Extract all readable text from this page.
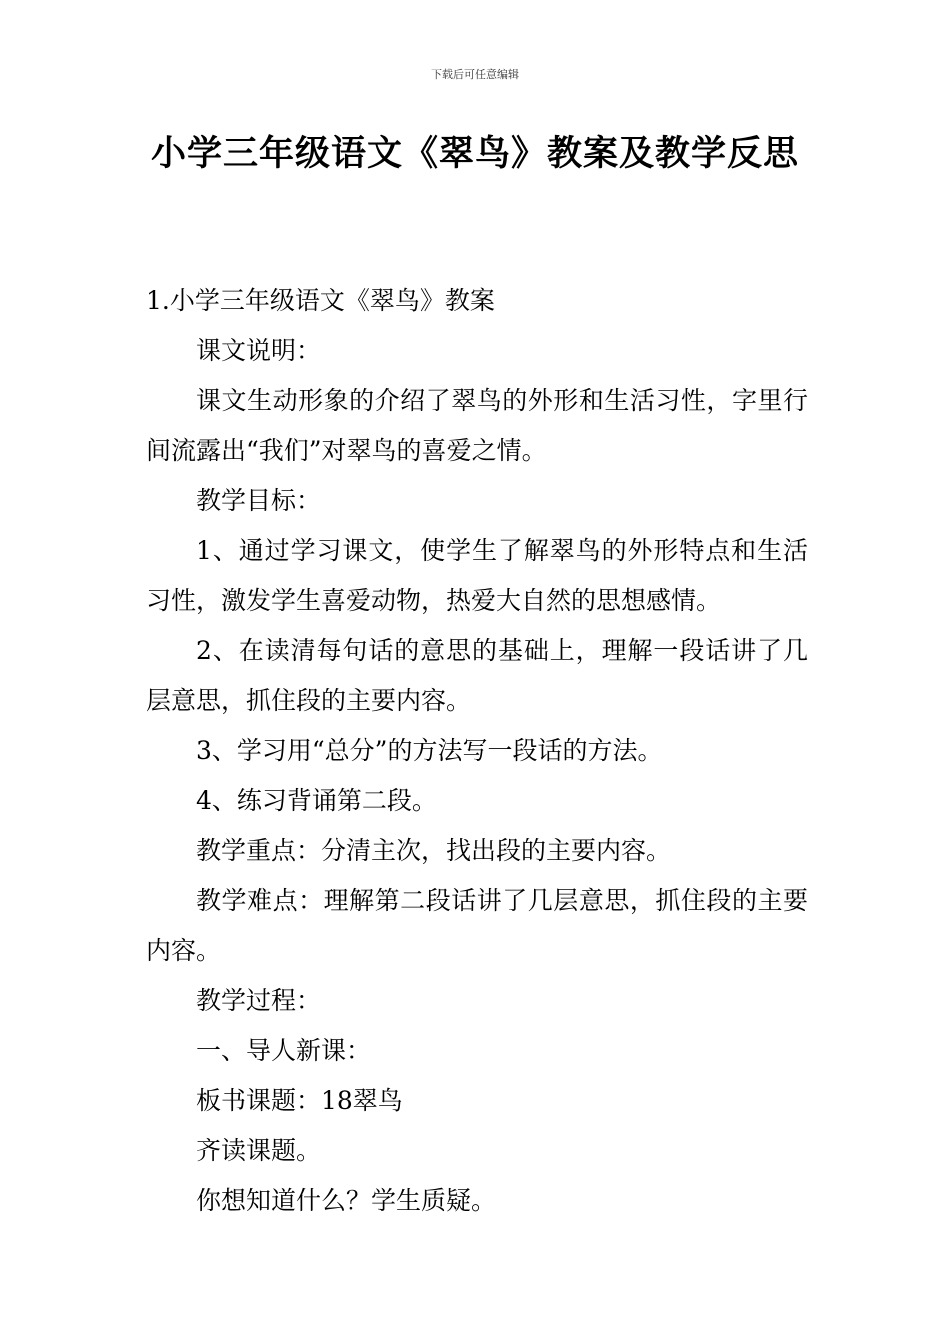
下载后可任意编辑
小学三年级语文《翠鸟》教案及教学反思

1.小学三年级语文《翠鸟》教案

课文说明：

课文生动形象的介绍了翠鸟的外形和生活习性，字里行间流露出“我们”对翠鸟的喜爱之情。

教学目标：

1、通过学习课文，使学生了解翠鸟的外形特点和生活习性，激发学生喜爱动物，热爱大自然的思想感情。

2、在读清每句话的意思的基础上，理解一段话讲了几层意思，抓住段的主要内容。

3、学习用“总分”的方法写一段话的方法。

4、练习背诵第二段。

教学重点：分清主次，找出段的主要内容。

教学难点：理解第二段话讲了几层意思，抓住段的主要内容。

教学过程：

一、导人新课：

板书课题：18翠鸟

齐读课题。

你想知道什么？学生质疑。
